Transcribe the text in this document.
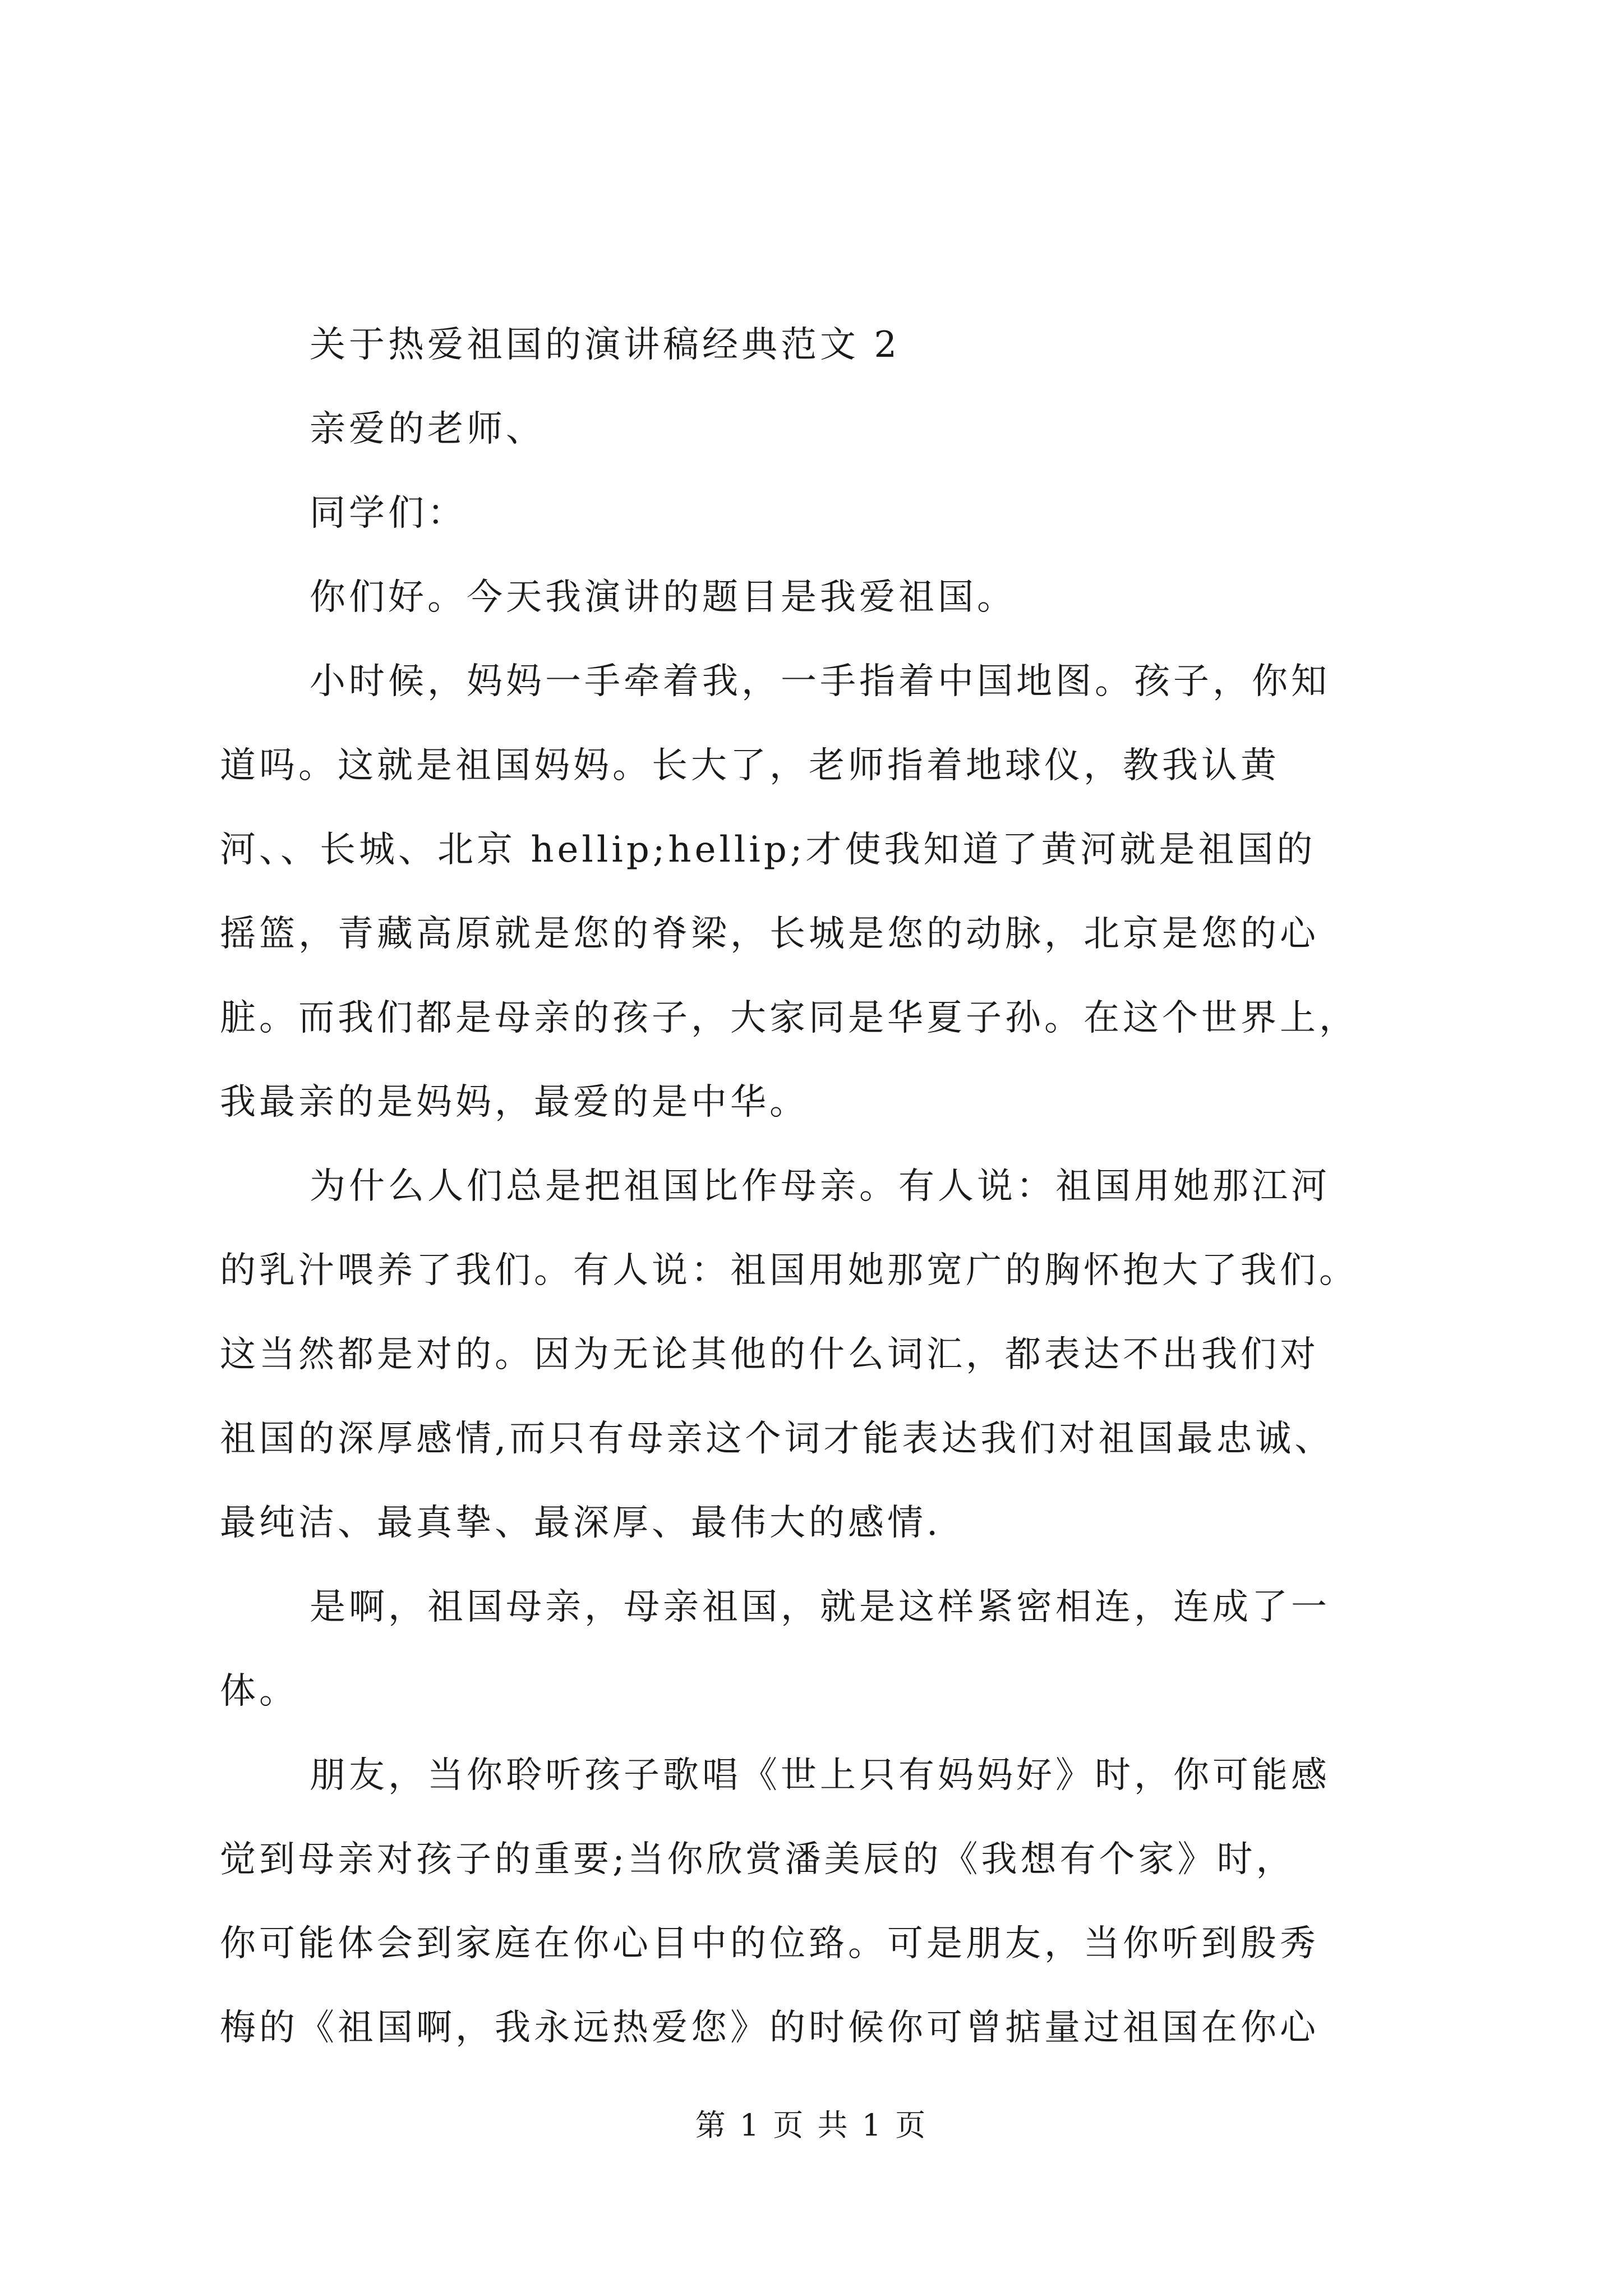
关于热爱祖国的演讲稿经典范文 2
亲爱的老师、
同学们：
你们好。今天我演讲的题目是我爱祖国。
小时候，妈妈一手牵着我，一手指着中国地图。孩子，你知
道吗。这就是祖国妈妈。长大了，老师指着地球仪，教我认黄
河、、长城、北京 hellip;hellip;才使我知道了黄河就是祖国的
摇篮，青藏高原就是您的脊梁，长城是您的动脉，北京是您的心
脏。而我们都是母亲的孩子，大家同是华夏子孙。在这个世界上，
我最亲的是妈妈，最爱的是中华。
为什么人们总是把祖国比作母亲。有人说：祖国用她那江河
的乳汁喂养了我们。有人说：祖国用她那宽广的胸怀抱大了我们。
这当然都是对的。因为无论其他的什么词汇，都表达不出我们对
祖国的深厚感情,而只有母亲这个词才能表达我们对祖国最忠诚、
最纯洁、最真挚、最深厚、最伟大的感情.
是啊，祖国母亲，母亲祖国，就是这样紧密相连，连成了一
体。
朋友，当你聆听孩子歌唱《世上只有妈妈好》时，你可能感
觉到母亲对孩子的重要;当你欣赏潘美辰的《我想有个家》时，
你可能体会到家庭在你心目中的位臵。可是朋友，当你听到殷秀
梅的《祖国啊，我永远热爱您》的时候你可曾掂量过祖国在你心
第 1 页 共 1 页
